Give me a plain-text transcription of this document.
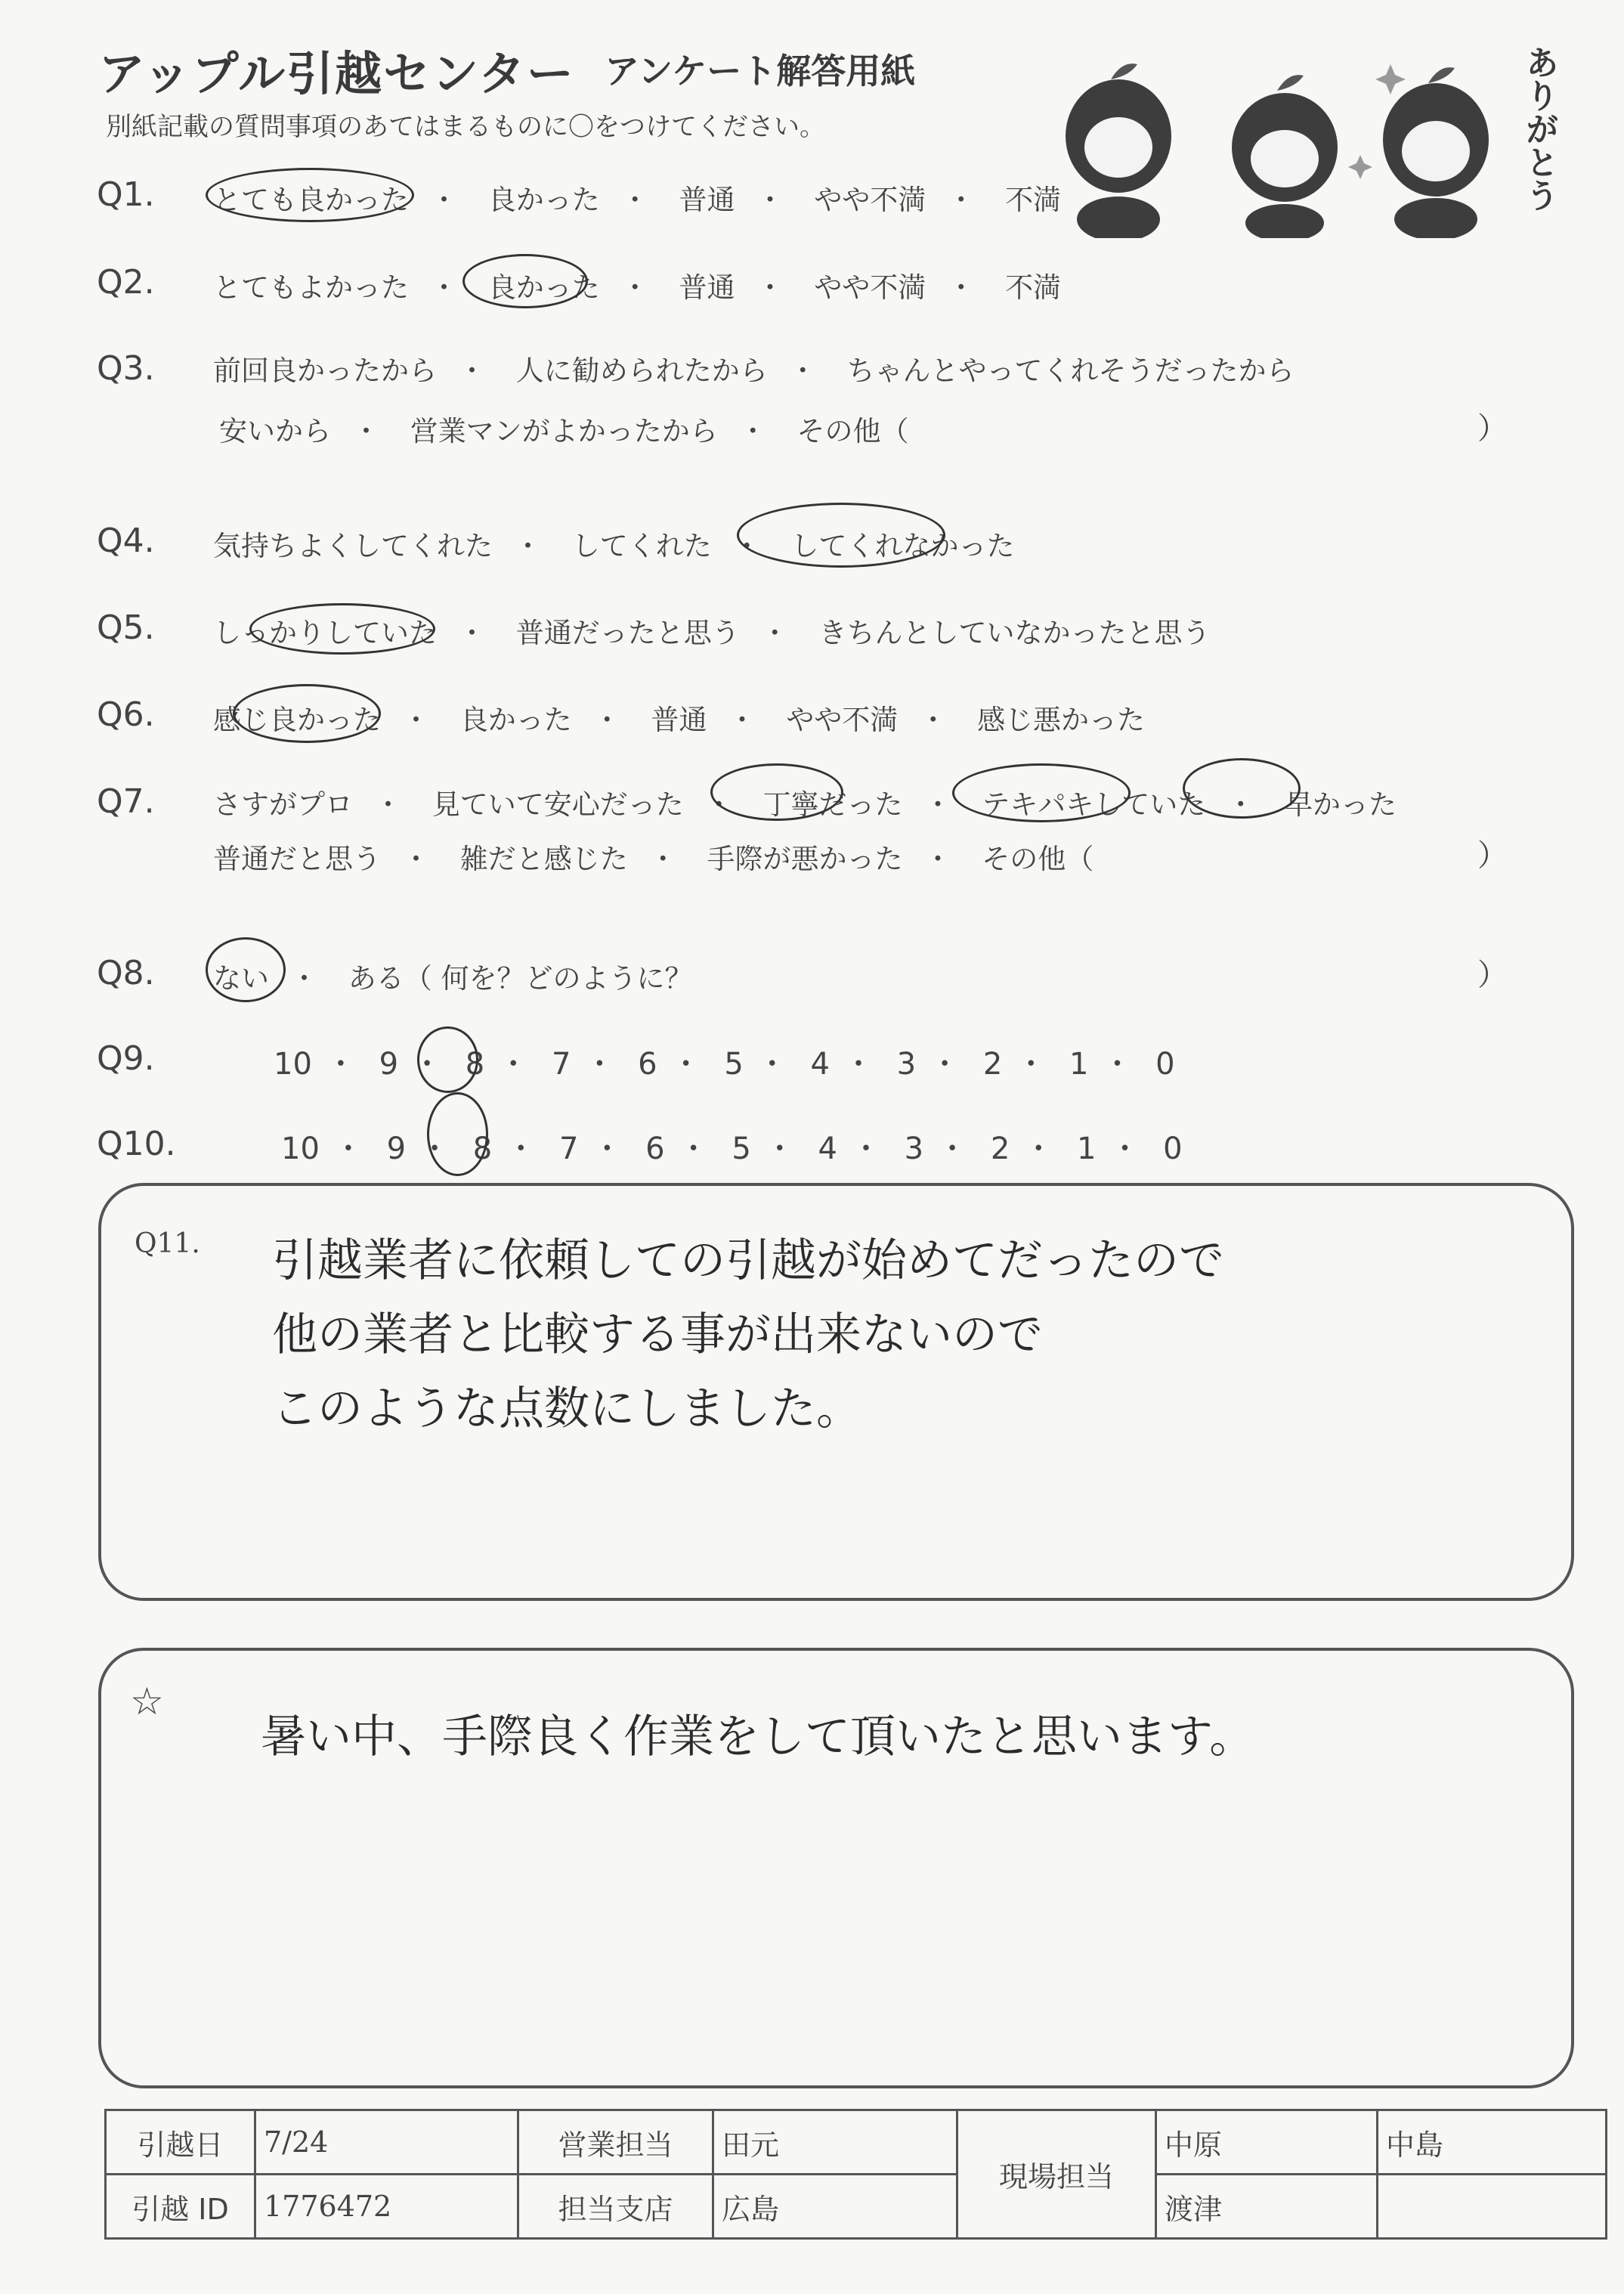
アップル引越センター アンケート解答用紙
別紙記載の質問事項のあてはまるものに〇をつけてください。	ありがとう
Q1. とても良かった ・ 良かった ・ 普通 ・ やや不満 ・ 不満
Q2. とてもよかった ・ 良かった ・ 普通 ・ やや不満 ・ 不満
Q3. 前回良かったから ・ 人に勧められたから ・ ちゃんとやってくれそうだったから
安いから ・ 営業マンがよかったから ・ その他（	）
Q4. 気持ちよくしてくれた ・ してくれた ・ してくれなかった
Q5. しっかりしていた ・ 普通だったと思う ・ きちんとしていなかったと思う
Q6. 感じ良かった ・ 良かった ・ 普通 ・ やや不満 ・ 感じ悪かった
Q7. さすがプロ ・ 見ていて安心だった ・ 丁寧だった ・ テキパキしていた ・ 早かった
普通だと思う ・ 雑だと感じた ・ 手際が悪かった ・ その他（	）
Q8. ない ・ ある（ 何を？どのように？	）
Q9.	10 ・ 9 ・ 8 ・ 7 ・ 6 ・ 5 ・ 4 ・ 3 ・ 2 ・ 1 ・ 0
Q10.	10 ・ 9 ・ 8 ・ 7 ・ 6 ・ 5 ・ 4 ・ 3 ・ 2 ・ 1 ・ 0
Q11. 引越業者に依頼しての引越が始めてだったので
他の業者と比較する事が出来ないので
このような点数にしました。
☆
暑い中、手際良く作業をして頂いたと思います。
引越日	7/24	営業担当	田元	現場担当	中原	中島
引越 ID	1776472	担当支店	広島		渡津	
